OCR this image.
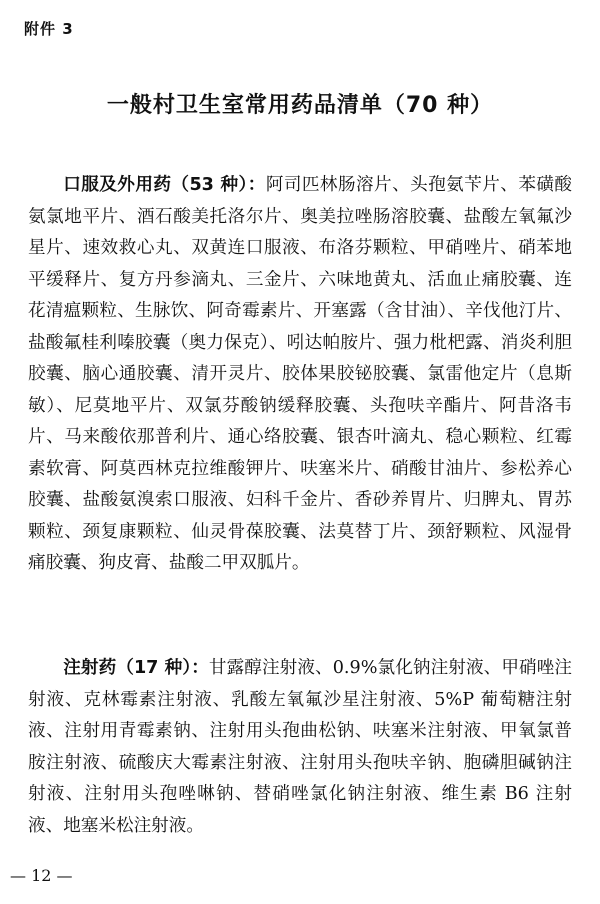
附件 3
一般村卫生室常用药品清单（70 种）

口服及外用药（53 种）：阿司匹林肠溶片、头孢氨苄片、苯磺酸氨氯地平片、酒石酸美托洛尔片、奥美拉唑肠溶胶囊、盐酸左氧氟沙星片、速效救心丸、双黄连口服液、布洛芬颗粒、甲硝唑片、硝苯地平缓释片、复方丹参滴丸、三金片、六味地黄丸、活血止痛胶囊、连花清瘟颗粒、生脉饮、阿奇霉素片、开塞露（含甘油）、辛伐他汀片、盐酸氟桂利嗪胶囊（奥力保克）、吲达帕胺片、强力枇杷露、消炎利胆胶囊、脑心通胶囊、清开灵片、胶体果胶铋胶囊、氯雷他定片（息斯敏）、尼莫地平片、双氯芬酸钠缓释胶囊、头孢呋辛酯片、阿昔洛韦片、马来酸依那普利片、通心络胶囊、银杏叶滴丸、稳心颗粒、红霉素软膏、阿莫西林克拉维酸钾片、呋塞米片、硝酸甘油片、参松养心胶囊、盐酸氨溴索口服液、妇科千金片、香砂养胃片、归脾丸、胃苏颗粒、颈复康颗粒、仙灵骨葆胶囊、法莫替丁片、颈舒颗粒、风湿骨痛胶囊、狗皮膏、盐酸二甲双胍片。

注射药（17 种）：甘露醇注射液、0.9%氯化钠注射液、甲硝唑注射液、克林霉素注射液、乳酸左氧氟沙星注射液、5%P 葡萄糖注射液、注射用青霉素钠、注射用头孢曲松钠、呋塞米注射液、甲氧氯普胺注射液、硫酸庆大霉素注射液、注射用头孢呋辛钠、胞磷胆碱钠注射液、注射用头孢唑啉钠、替硝唑氯化钠注射液、维生素 B6 注射液、地塞米松注射液。

— 12 —
